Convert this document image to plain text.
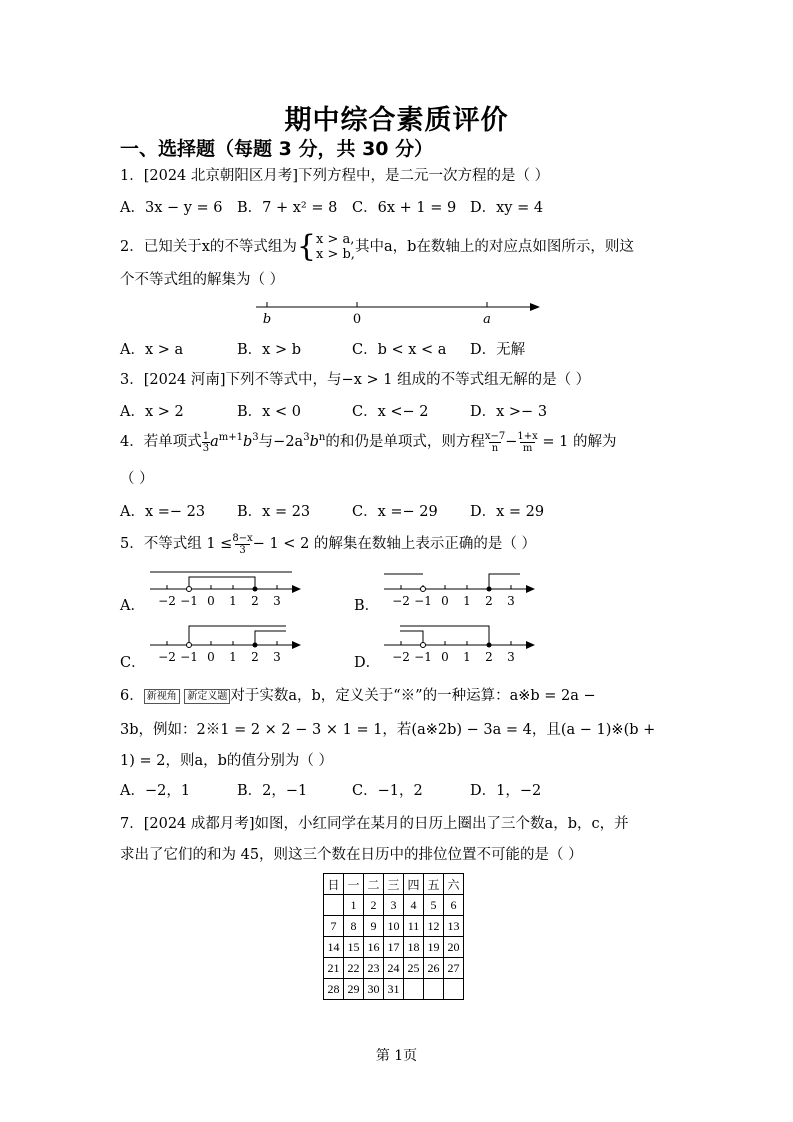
期中综合素质评价
一、选择题（每题 3 分，共 30 分）
1．[2024 北京朝阳区月考]下列方程中，是二元一次方程的是（ ）
A．3x − y = 6 B．7 + x² = 8 C．6x + 1 = 9 D．xy = 4
2．已知关于x的不等式组为{x > a,
x > b,其中a，b在数轴上的对应点如图所示，则这
个不等式组的解集为（ ）
b	0	a
A．x > a	B．x > b	C．b < x < a D．无解
3．[2024 河南]下列不等式中，与−x > 1 组成的不等式组无解的是（ ）
A．x > 2	B．x < 0	C．x <− 2	D．x >− 3
4．若单项式$\frac{1}{3}a^{m+1}b^3$与$-2a^3b^n$的和仍是单项式，则方程$\frac{x-7}{n}-\frac{1+x}{m} = 1$ 的解为
（ ）
A．x =− 23 B．x = 23	C．x =− 29 D．x = 29
5．不等式组 $1 \le\frac{8-x}{3}- 1 < 2$ 的解集在数轴上表示正确的是（ ）
A．	B．
C．	D．
−2 −1 0 1 2 3	−2 −1 0 1 2 3
−2 −1 0 1 2 3	−2 −1 0 1 2 3
6． 新视角 新定义题 对于实数a，b，定义关于“※”的一种运算：a※b = 2a −
3b，例如：2※1 = 2 × 2 − 3 × 1 = 1，若(a※2b) − 3a = 4，且(a − 1)※(b +
1) = 2，则a，b的值分别为（ ）
A．−2，1	B．2，−1	C．−1，2	D．1，−2
7．[2024 成都月考]如图，小红同学在某月的日历上圈出了三个数a，b，c，并
求出了它们的和为 45，则这三个数在日历中的排位位置不可能的是（ ）
日	一	二	三	四	五	六
	1	2	3	4	5	6
7	8	9	10	11	12	13
14	15	16	17	18	19	20
21	22	23	24	25	26	27
28	29	30	31			
第 1页
